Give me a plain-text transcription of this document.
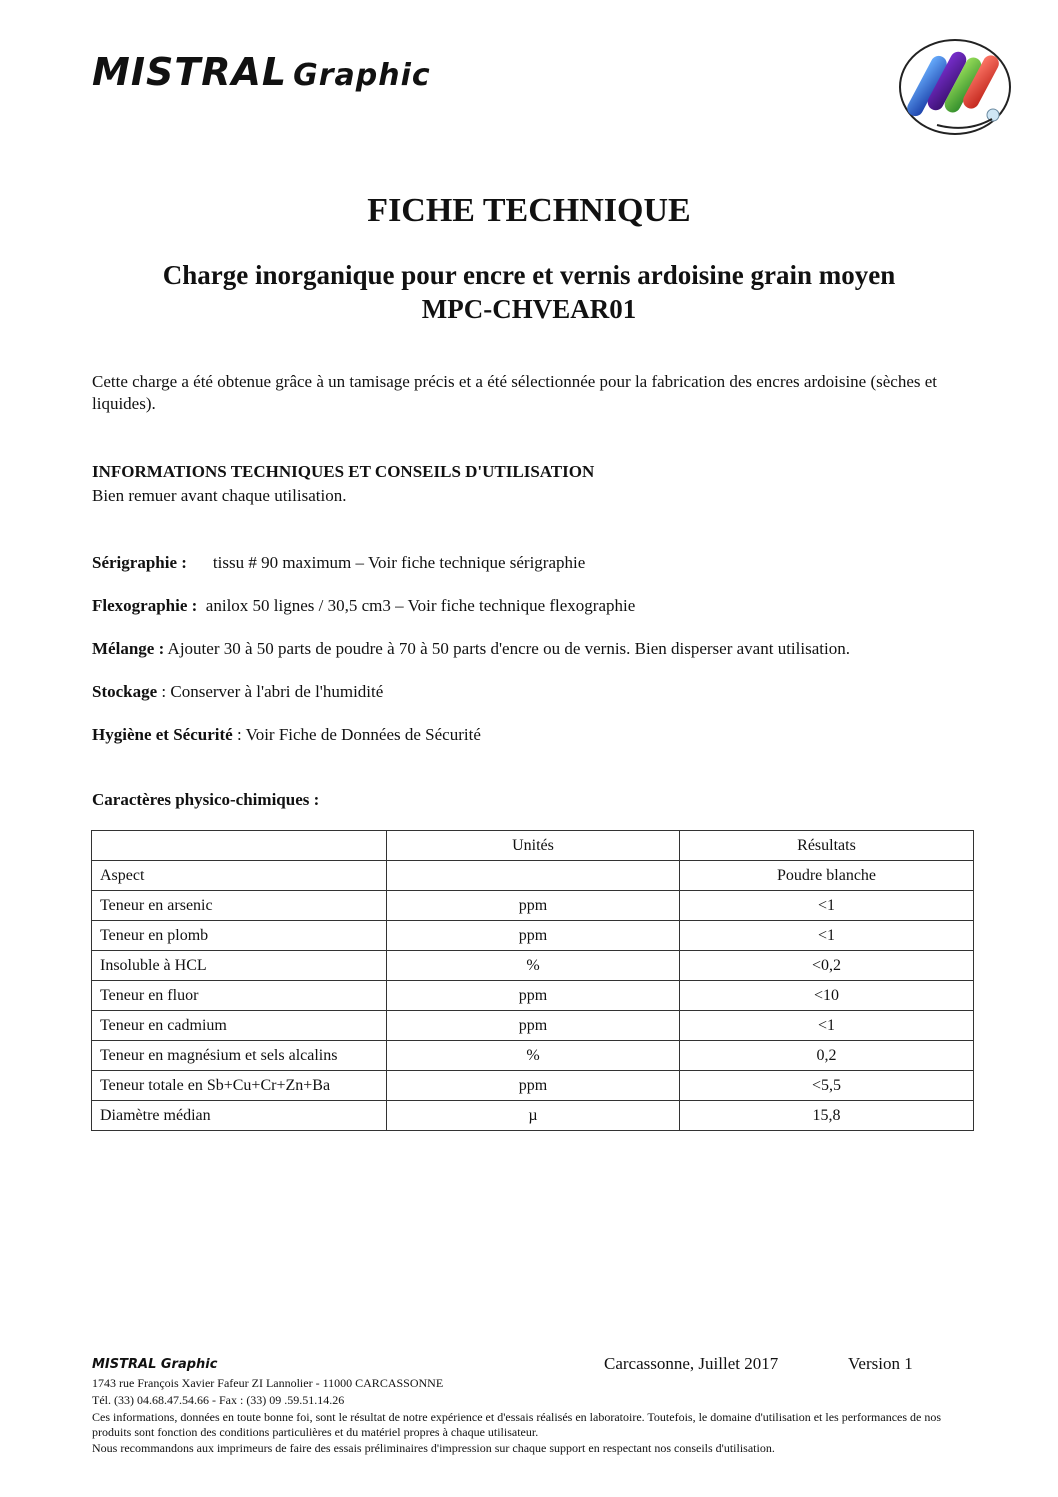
MISTRAL Graphic
FICHE TECHNIQUE
Charge inorganique pour encre et vernis ardoisine grain moyen
MPC-CHVEAR01
Cette charge a été obtenue grâce à un tamisage précis et a été sélectionnée pour la fabrication des encres ardoisine (sèches et liquides).
INFORMATIONS TECHNIQUES ET CONSEILS D'UTILISATION
Bien remuer avant chaque utilisation.
Sérigraphie : tissu # 90 maximum – Voir fiche technique sérigraphie
Flexographie : anilox 50 lignes / 30,5 cm3 – Voir fiche technique flexographie
Mélange : Ajouter 30 à 50 parts de poudre à 70 à 50 parts d'encre ou de vernis. Bien disperser avant utilisation.
Stockage : Conserver à l'abri de l'humidité
Hygiène et Sécurité : Voir Fiche de Données de Sécurité
Caractères physico-chimiques :
	Unités	Résultats
Aspect		Poudre blanche
Teneur en arsenic	ppm	<1
Teneur en plomb	ppm	<1
Insoluble à HCL	%	<0,2
Teneur en fluor	ppm	<10
Teneur en cadmium	ppm	<1
Teneur en magnésium et sels alcalins	%	0,2
Teneur totale en Sb+Cu+Cr+Zn+Ba	ppm	<5,5
Diamètre médian	µ	15,8
MISTRAL Graphic	Carcassonne, Juillet 2017	Version 1
1743 rue François Xavier Fafeur ZI Lannolier - 11000 CARCASSONNE
Tél. (33) 04.68.47.54.66 - Fax : (33) 09 .59.51.14.26
Ces informations, données en toute bonne foi, sont le résultat de notre expérience et d'essais réalisés en laboratoire. Toutefois, le domaine d'utilisation et les performances de nos produits sont fonction des conditions particulières et du matériel propres à chaque utilisateur.
Nous recommandons aux imprimeurs de faire des essais préliminaires d'impression sur chaque support en respectant nos conseils d'utilisation.
